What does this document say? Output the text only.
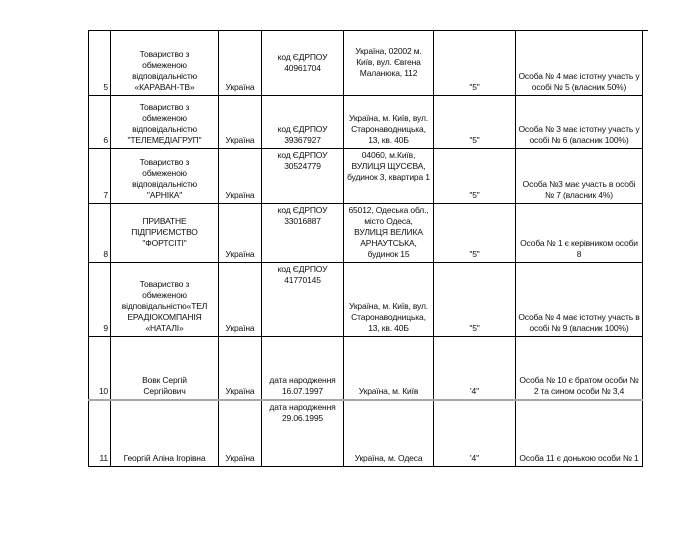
5	Товариство з обмеженою відповідальністю «КАРАВАН-ТВ»	Україна	код ЄДРПОУ 40961704	Україна, 02002 м. Київ, вул. Євгена Маланюка, 112	"5"	Особа № 4 має істотну участь у особі № 5 (власник 50%)
6	Товариство з обмеженою відповідальністю "ТЕЛЕМЕДІАГРУП"	Україна	код ЄДРПОУ 39367927	Україна, м. Київ, вул. Старонаводницька, 13, кв. 40Б	"5"	Особа № 3 має істотну участь у особі № 6 (власник 100%)
7	Товариство з обмеженою відповідальністю "АРНІКА"	Україна	код ЄДРПОУ 30524779	04060, м.Київ, ВУЛИЦЯ ЩУСЄВА, будинок 3, квартира 1	"5"	Особа №3 має участь в особі № 7 (власник 4%)
8	ПРИВАТНЕ ПІДПРИЄМСТВО "ФОРТСІТІ"	Україна	код ЄДРПОУ 33016887	65012, Одеська обл., місто Одеса, ВУЛИЦЯ ВЕЛИКА АРНАУТСЬКА, будинок 15	"5"	Особа № 1 є керівником особи 8
9	Товариство з обмеженою відповідальністю«ТЕЛЕРАДІОКОМПАНІЯ «НАТАЛІ»	Україна	код ЄДРПОУ 41770145	Україна, м. Київ, вул. Старонаводницька, 13, кв. 40Б	"5"	Особа № 4 має істотну участь в особі № 9 (власник 100%)
10	Вовк Сергій Сергійович	Україна	дата народження 16.07.1997	Україна, м. Київ	'4"	Особа № 10 є братом особи № 2 та сином особи № 3,4
11	Георгій Аліна Ігорівна	Україна	дата народження 29.06.1995	Україна, м. Одеса	'4"	Особа 11 є донькою особи № 1
